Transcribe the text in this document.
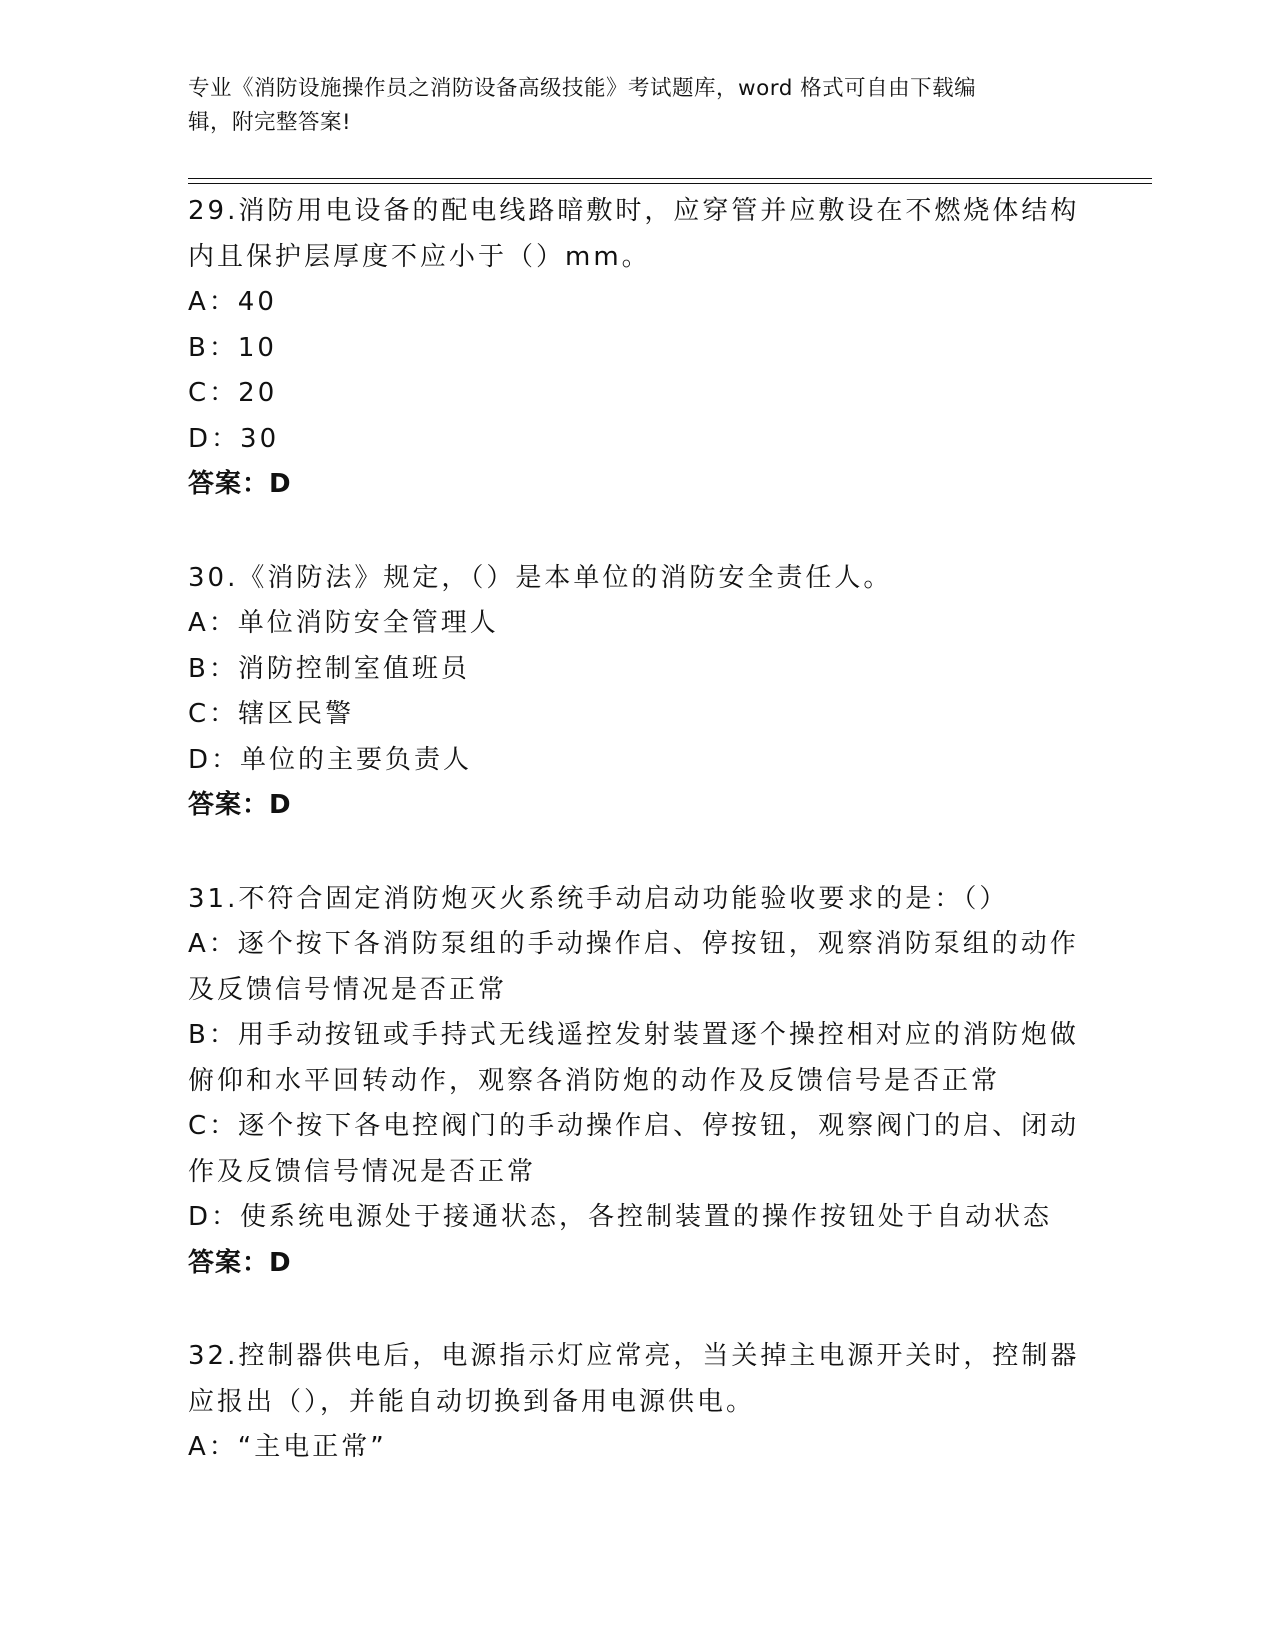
专业《消防设施操作员之消防设备高级技能》考试题库，word 格式可自由下载编
辑，附完整答案!
29.消防用电设备的配电线路暗敷时，应穿管并应敷设在不燃烧体结构内且保护层厚度不应小于（）mm。
A：40
B：10
C：20
D：30
答案：D
30.《消防法》规定，（）是本单位的消防安全责任人。
A：单位消防安全管理人
B：消防控制室值班员
C：辖区民警
D：单位的主要负责人
答案：D
31.不符合固定消防炮灭火系统手动启动功能验收要求的是：（）
A：逐个按下各消防泵组的手动操作启、停按钮，观察消防泵组的动作及反馈信号情况是否正常
B：用手动按钮或手持式无线遥控发射装置逐个操控相对应的消防炮做俯仰和水平回转动作，观察各消防炮的动作及反馈信号是否正常
C：逐个按下各电控阀门的手动操作启、停按钮，观察阀门的启、闭动作及反馈信号情况是否正常
D：使系统电源处于接通状态，各控制装置的操作按钮处于自动状态
答案：D
32.控制器供电后，电源指示灯应常亮，当关掉主电源开关时，控制器应报出（），并能自动切换到备用电源供电。
A：“主电正常”
